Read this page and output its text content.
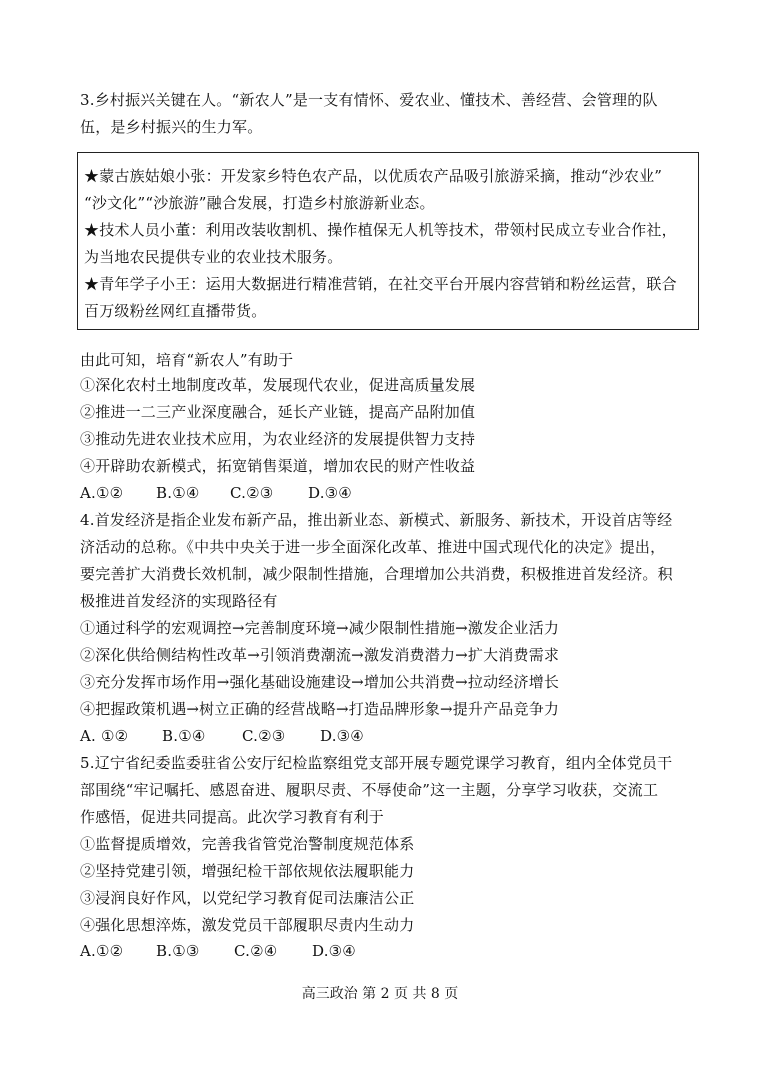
3.乡村振兴关键在人。“新农人”是一支有情怀、爱农业、懂技术、善经营、会管理的队
伍，是乡村振兴的生力军。
★蒙古族姑娘小张：开发家乡特色农产品，以优质农产品吸引旅游采摘，推动“沙农业”
“沙文化”“沙旅游”融合发展，打造乡村旅游新业态。
★技术人员小董：利用改装收割机、操作植保无人机等技术，带领村民成立专业合作社，
为当地农民提供专业的农业技术服务。
★青年学子小王：运用大数据进行精准营销，在社交平台开展内容营销和粉丝运营，联合
百万级粉丝网红直播带货。
由此可知，培育“新农人”有助于
①深化农村土地制度改革，发展现代农业，促进高质量发展
②推进一二三产业深度融合，延长产业链，提高产品附加值
③推动先进农业技术应用，为农业经济的发展提供智力支持
④开辟助农新模式，拓宽销售渠道，增加农民的财产性收益
A.①② B.①④ C.②③ D.③④
4.首发经济是指企业发布新产品，推出新业态、新模式、新服务、新技术，开设首店等经
济活动的总称。《中共中央关于进一步全面深化改革、推进中国式现代化的决定》提出，
要完善扩大消费长效机制，减少限制性措施，合理增加公共消费，积极推进首发经济。积
极推进首发经济的实现路径有
①通过科学的宏观调控→完善制度环境→减少限制性措施→激发企业活力
②深化供给侧结构性改革→引领消费潮流→激发消费潜力→扩大消费需求
③充分发挥市场作用→强化基础设施建设→增加公共消费→拉动经济增长
④把握政策机遇→树立正确的经营战略→打造品牌形象→提升产品竞争力
A. ①② B.①④ C.②③ D.③④
5.辽宁省纪委监委驻省公安厅纪检监察组党支部开展专题党课学习教育，组内全体党员干
部围绕“牢记嘱托、感恩奋进、履职尽责、不辱使命”这一主题，分享学习收获，交流工
作感悟，促进共同提高。此次学习教育有利于
①监督提质增效，完善我省管党治警制度规范体系
②坚持党建引领，增强纪检干部依规依法履职能力
③浸润良好作风，以党纪学习教育促司法廉洁公正
④强化思想淬炼，激发党员干部履职尽责内生动力
A.①② B.①③ C.②④ D.③④
高三政治 第 2 页 共 8 页
